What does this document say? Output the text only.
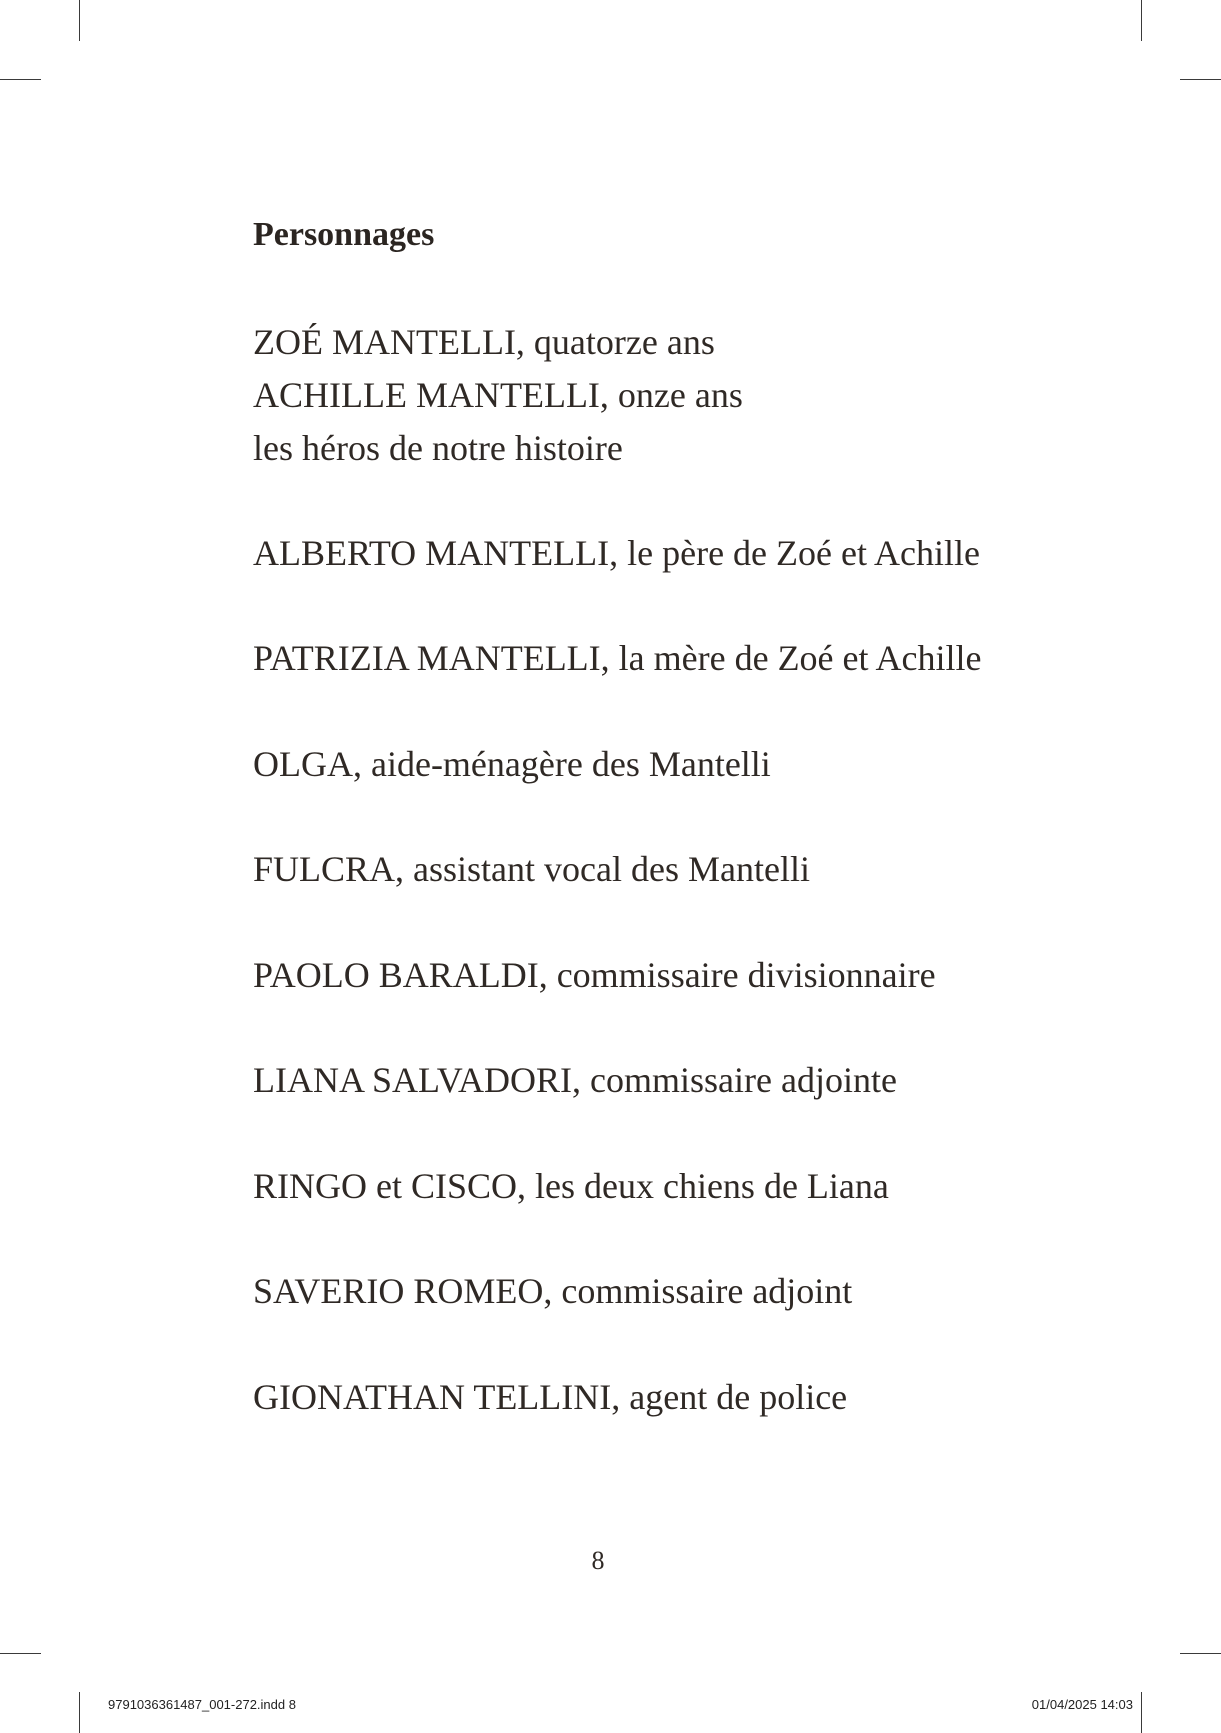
Personnages
ZOÉ MANTELLI, quatorze ans
ACHILLE MANTELLI, onze ans
les héros de notre histoire
ALBERTO MANTELLI, le père de Zoé et Achille
PATRIZIA MANTELLI, la mère de Zoé et Achille
OLGA, aide-ménagère des Mantelli
FULCRA, assistant vocal des Mantelli
PAOLO BARALDI, commissaire divisionnaire
LIANA SALVADORI, commissaire adjointe
RINGO et CISCO, les deux chiens de Liana
SAVERIO ROMEO, commissaire adjoint
GIONATHAN TELLINI, agent de police
8
9791036361487_001-272.indd 8	01/04/2025 14:03
